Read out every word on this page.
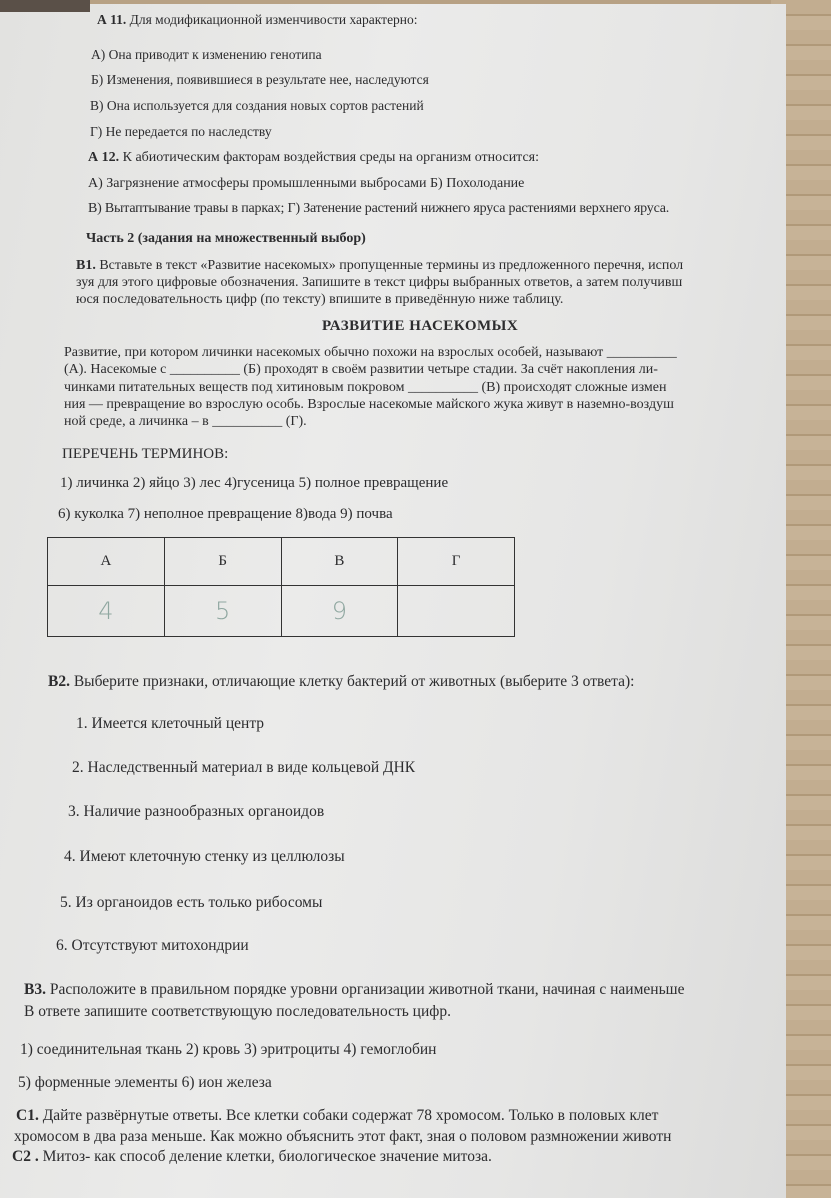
А 11. Для модификационной изменчивости характерно:
А) Она приводит к изменению генотипа
Б) Изменения, появившиеся в результате нее, наследуются
В) Она используется для создания новых сортов растений
Г) Не передается по наследству
А 12. К абиотическим факторам воздействия среды на организм относится:
А) Загрязнение атмосферы промышленными выбросами Б) Похолодание
В) Вытаптывание травы в парках; Г) Затенение растений нижнего яруса растениями верхнего яруса.
Часть 2 (задания на множественный выбор)
В1. Вставьте в текст «Развитие насекомых» пропущенные термины из предложенного перечня, испол
зуя для этого цифровые обозначения. Запишите в текст цифры выбранных ответов, а затем получивш
юся последовательность цифр (по тексту) впишите в приведённую ниже таблицу.
РАЗВИТИЕ НАСЕКОМЫХ
Развитие, при котором личинки насекомых обычно похожи на взрослых особей, называют __________
(А). Насекомые с __________ (Б) проходят в своём развитии четыре стадии. За счёт накопления ли-
чинками питательных веществ под хитиновым покровом __________ (В) происходят сложные измен
ния — превращение во взрослую особь. Взрослые насекомые майского жука живут в наземно-воздуш
ной среде, а личинка – в __________ (Г).
ПЕРЕЧЕНЬ ТЕРМИНОВ:
1) личинка 2) яйцо 3) лес 4)гусеница 5) полное превращение
6) куколка 7) неполное превращение 8)вода 9) почва
А	Б	В	Г
4	5	9	
В2. Выберите признаки, отличающие клетку бактерий от животных (выберите 3 ответа):
1. Имеется клеточный центр
2. Наследственный материал в виде кольцевой ДНК
3. Наличие разнообразных органоидов
4. Имеют клеточную стенку из целлюлозы
5. Из органоидов есть только рибосомы
6. Отсутствуют митохондрии
В3. Расположите в правильном порядке уровни организации животной ткани, начиная с наименьше
В ответе запишите соответствующую последовательность цифр.
1) соединительная ткань 2) кровь 3) эритроциты 4) гемоглобин
5) форменные элементы 6) ион железа
С1. Дайте развёрнутые ответы. Все клетки собаки содержат 78 хромосом. Только в половых клет
хромосом в два раза меньше. Как можно объяснить этот факт, зная о половом размножении животн
С2 . Митоз- как способ деление клетки, биологическое значение митоза.
